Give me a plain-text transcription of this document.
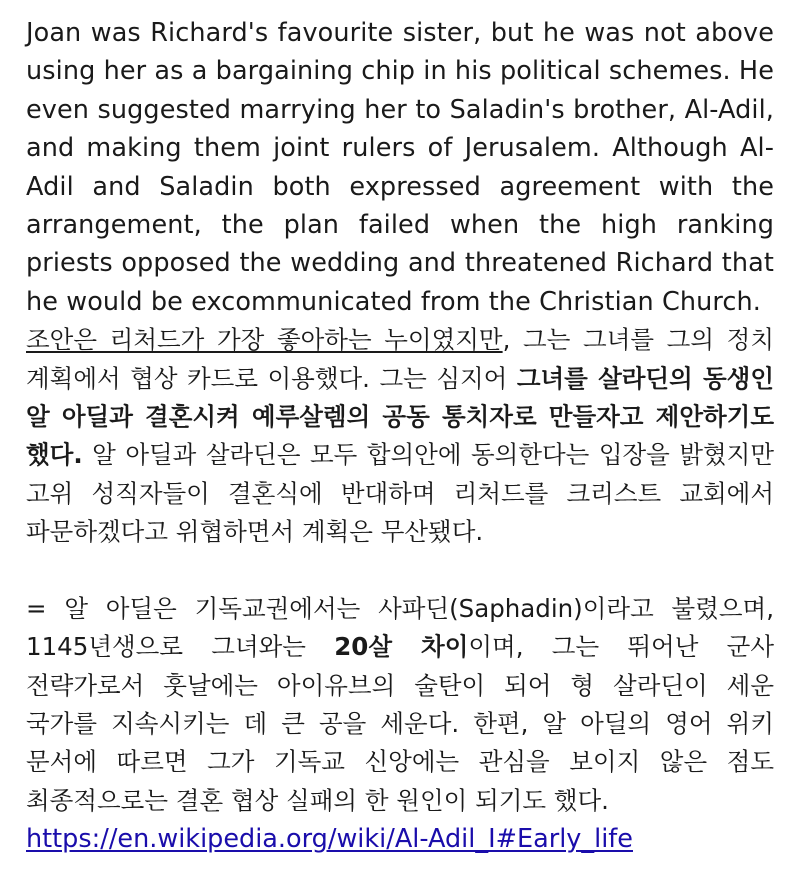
Joan was Richard's favourite sister, but he was not above using her as a bargaining chip in his political schemes. He even suggested marrying her to Saladin's brother, Al-Adil, and making them joint rulers of Jerusalem. Although Al-Adil and Saladin both expressed agreement with the arrangement, the plan failed when the high ranking priests opposed the wedding and threatened Richard that he would be excommunicated from the Christian Church.

조안은 리처드가 가장 좋아하는 누이였지만, 그는 그녀를 그의 정치 계획에서 협상 카드로 이용했다. 그는 심지어 그녀를 살라딘의 동생인 알 아딜과 결혼시켜 예루살렘의 공동 통치자로 만들자고 제안하기도 했다. 알 아딜과 살라딘은 모두 합의안에 동의한다는 입장을 밝혔지만 고위 성직자들이 결혼식에 반대하며 리처드를 크리스트 교회에서 파문하겠다고 위협하면서 계획은 무산됐다.

= 알 아딜은 기독교권에서는 사파딘(Saphadin)이라고 불렸으며, 1145년생으로 그녀와는 20살 차이이며, 그는 뛰어난 군사 전략가로서 훗날에는 아이유브의 술탄이 되어 형 살라딘이 세운 국가를 지속시키는 데 큰 공을 세운다. 한편, 알 아딜의 영어 위키 문서에 따르면 그가 기독교 신앙에는 관심을 보이지 않은 점도 최종적으로는 결혼 협상 실패의 한 원인이 되기도 했다.

https://en.wikipedia.org/wiki/Al-Adil_I#Early_life
